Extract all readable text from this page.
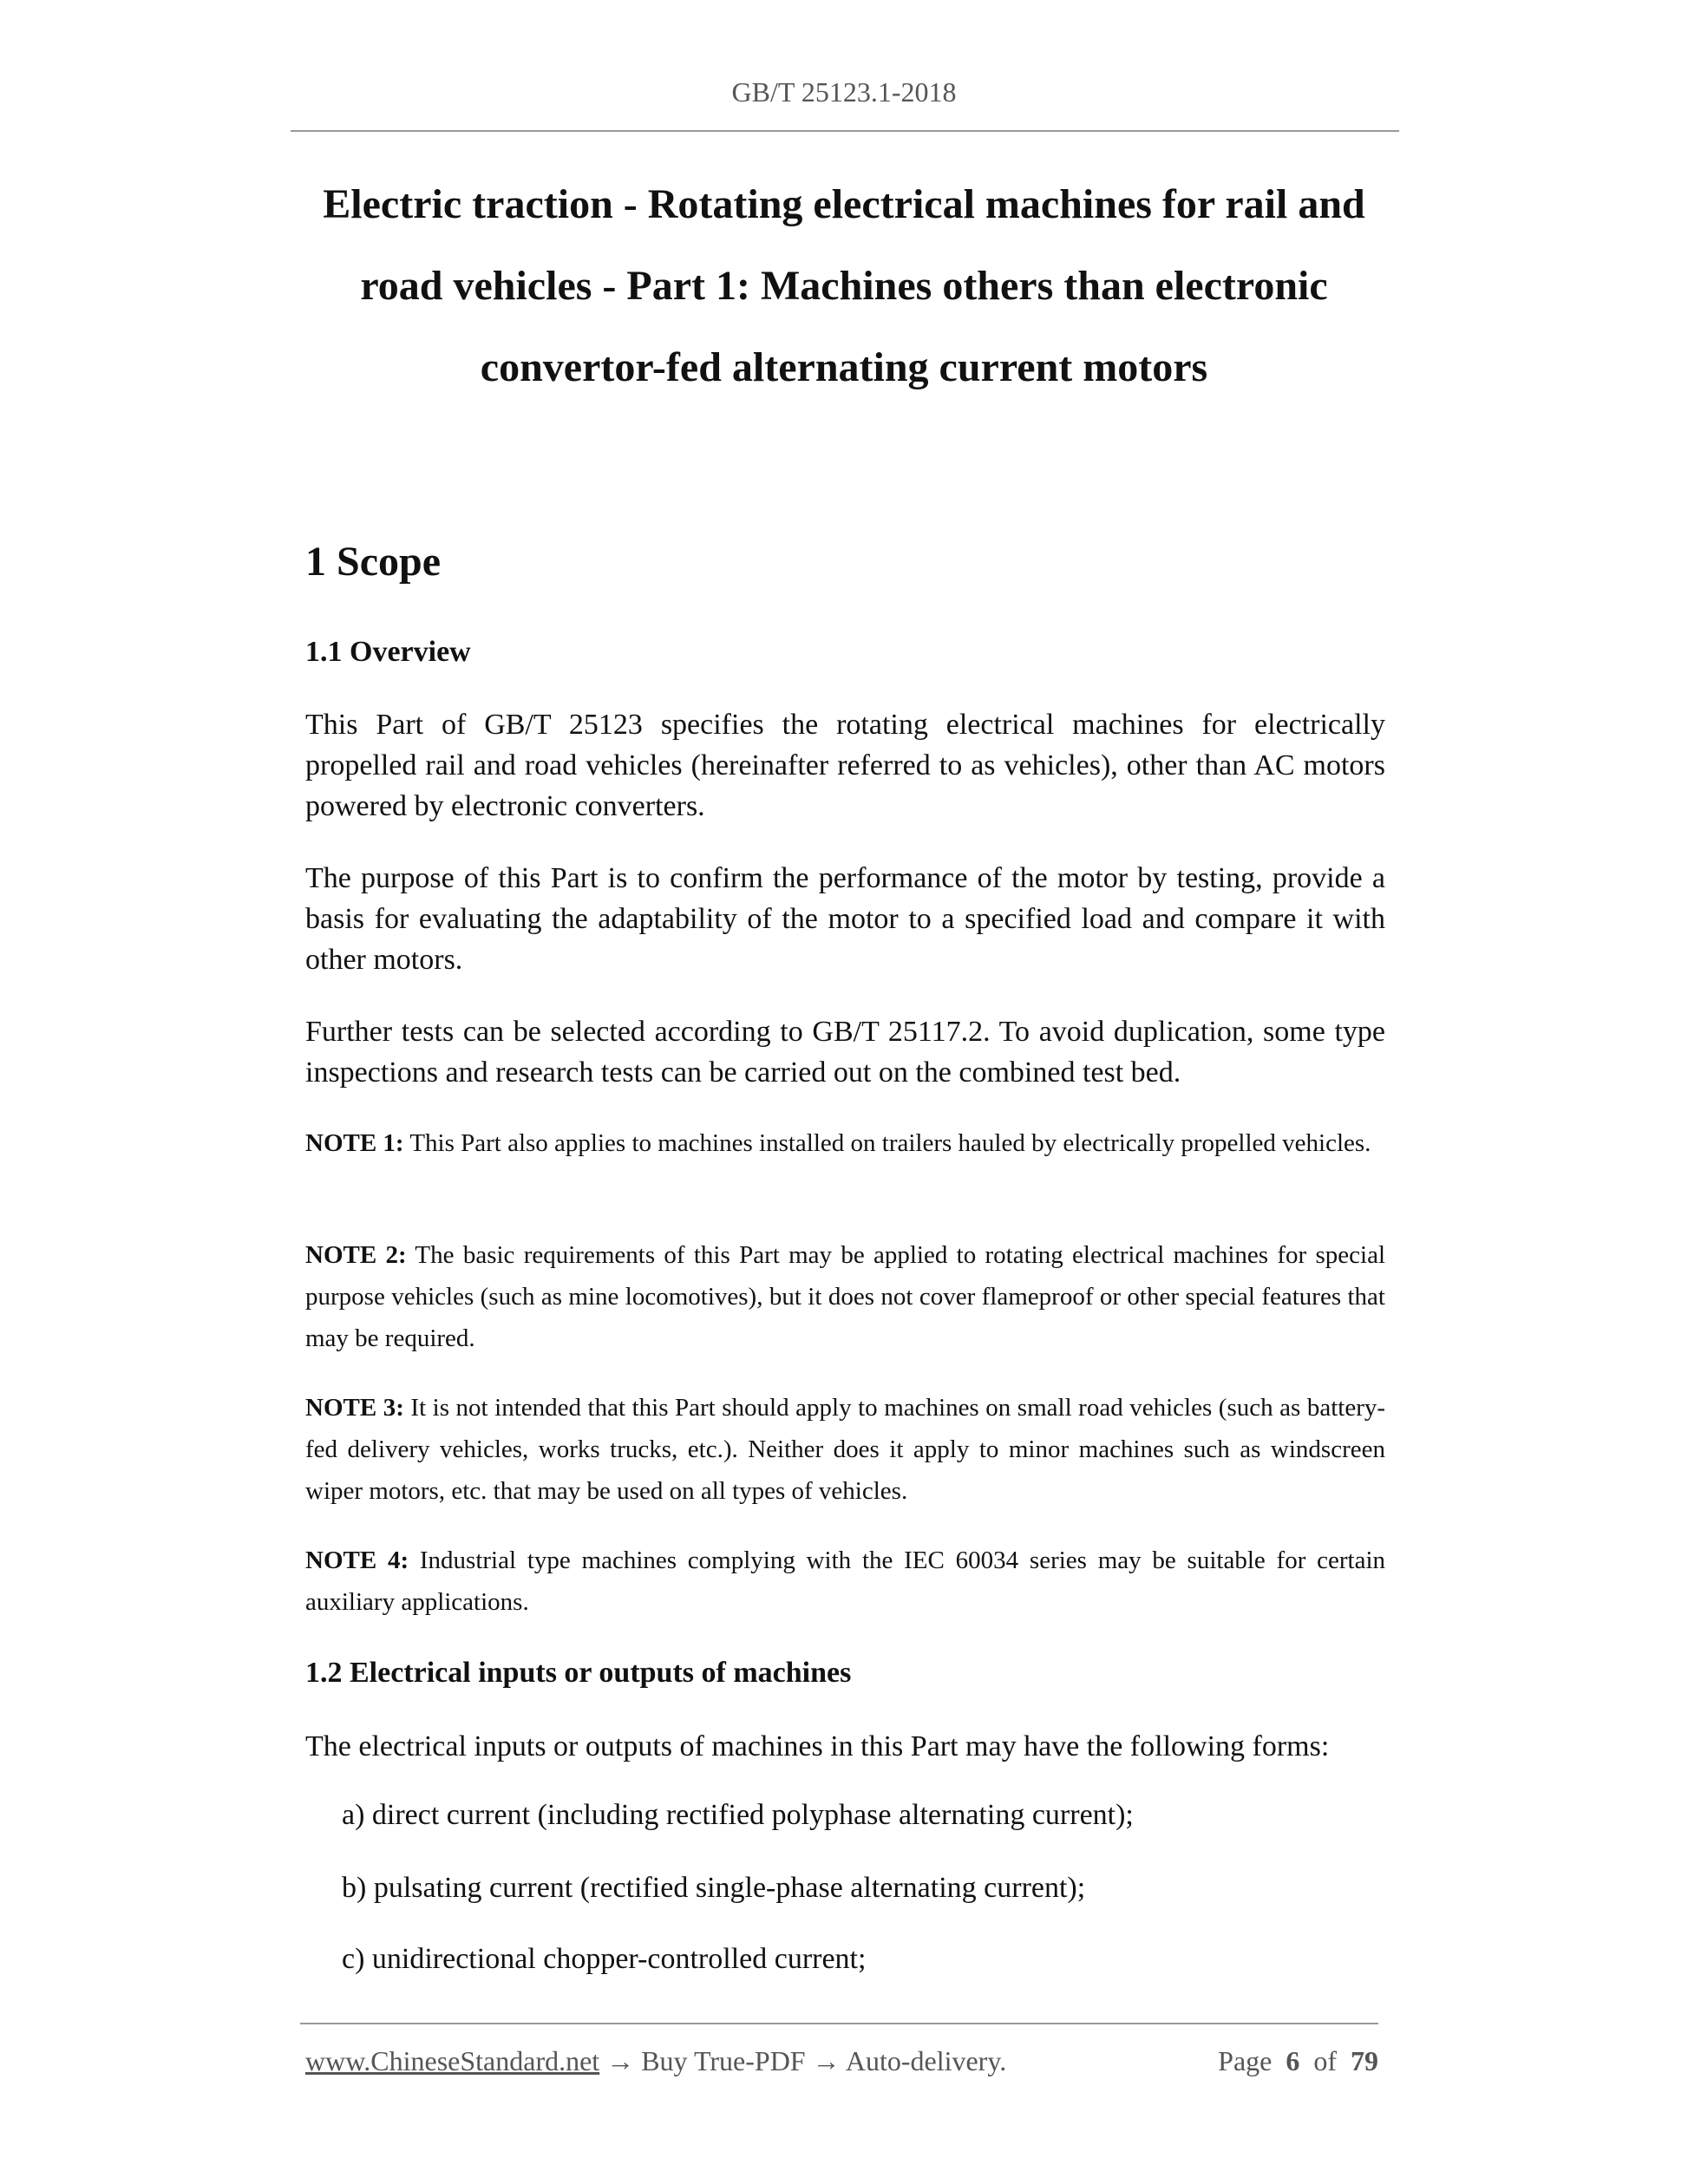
GB/T 25123.1-2018
Electric traction - Rotating electrical machines for rail and
road vehicles - Part 1: Machines others than electronic
convertor-fed alternating current motors
1 Scope
1.1 Overview
This Part of GB/T 25123 specifies the rotating electrical machines for electrically propelled rail and road vehicles (hereinafter referred to as vehicles), other than AC motors powered by electronic converters.
The purpose of this Part is to confirm the performance of the motor by testing, provide a basis for evaluating the adaptability of the motor to a specified load and compare it with other motors.
Further tests can be selected according to GB/T 25117.2. To avoid duplication, some type inspections and research tests can be carried out on the combined test bed.
NOTE 1: This Part also applies to machines installed on trailers hauled by electrically propelled vehicles.
NOTE 2: The basic requirements of this Part may be applied to rotating electrical machines for special purpose vehicles (such as mine locomotives), but it does not cover flameproof or other special features that may be required.
NOTE 3: It is not intended that this Part should apply to machines on small road vehicles (such as battery-fed delivery vehicles, works trucks, etc.). Neither does it apply to minor machines such as windscreen wiper motors, etc. that may be used on all types of vehicles.
NOTE 4: Industrial type machines complying with the IEC 60034 series may be suitable for certain auxiliary applications.
1.2 Electrical inputs or outputs of machines
The electrical inputs or outputs of machines in this Part may have the following forms:
a) direct current (including rectified polyphase alternating current);
b) pulsating current (rectified single-phase alternating current);
c) unidirectional chopper-controlled current;
www.ChineseStandard.net → Buy True-PDF → Auto-delivery.	Page 6 of 79
